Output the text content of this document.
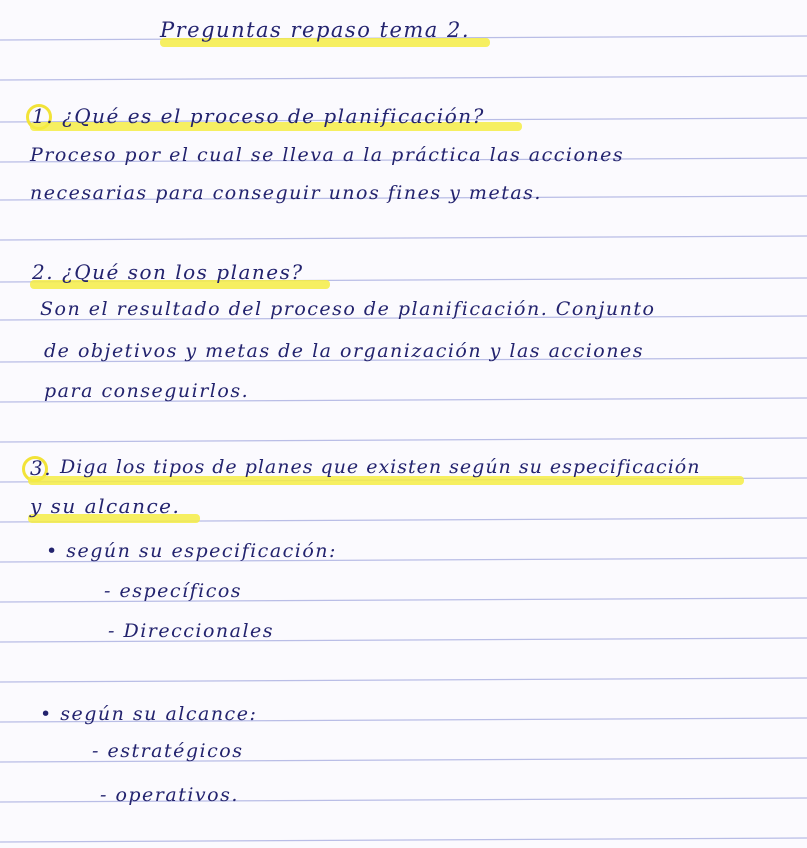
Preguntas repaso tema 2.
1. ¿Qué es el proceso de planificación?
Proceso por el cual se lleva a la práctica las acciones
necesarias para conseguir unos fines y metas.
2. ¿Qué son los planes?
Son el resultado del proceso de planificación. Conjunto
de objetivos y metas de la organización y las acciones
para conseguirlos.
3. Diga los tipos de planes que existen según su especificación
y su alcance.
• según su especificación:
- específicos
- Direccionales
• según su alcance:
- estratégicos
- operativos.
